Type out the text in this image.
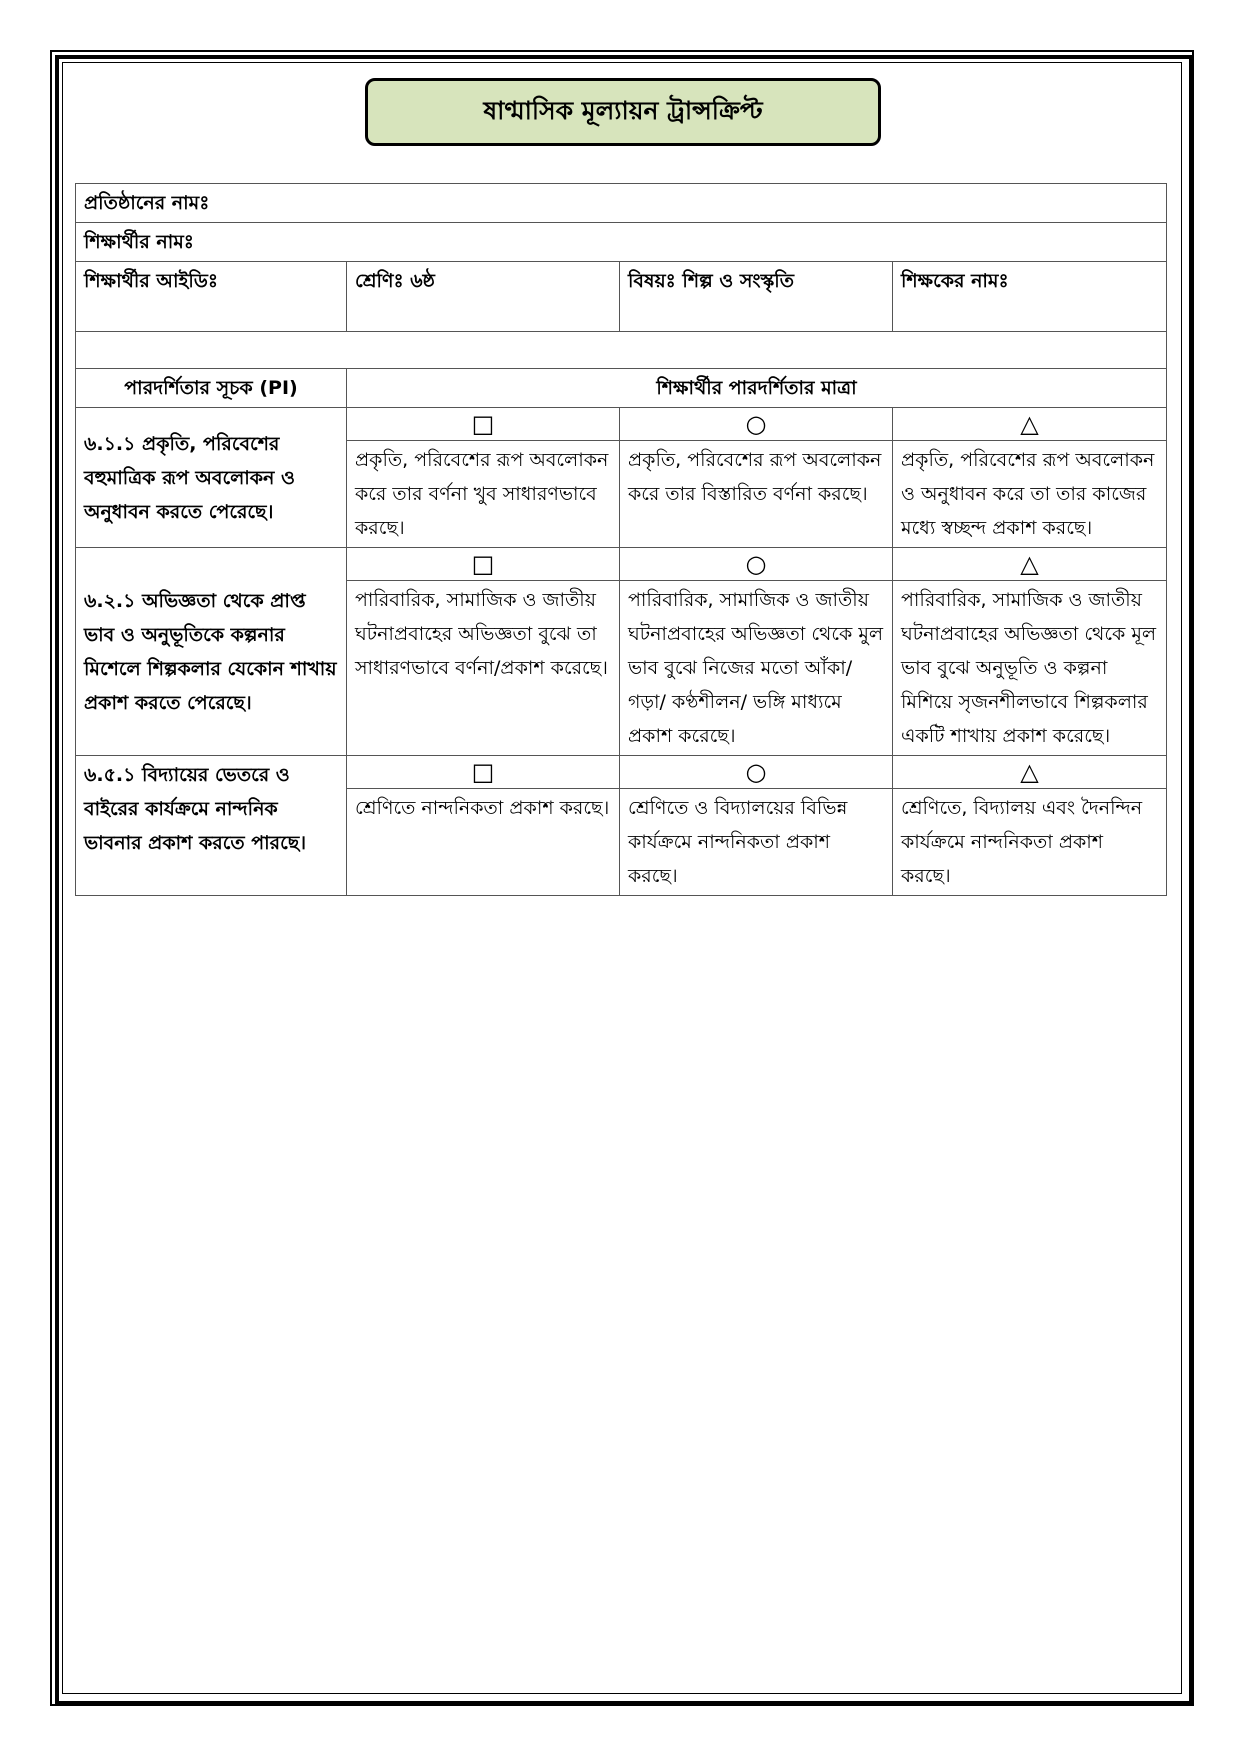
ষাণ্মাসিক মূল্যায়ন ট্রান্সক্রিপ্ট
প্রতিষ্ঠানের নামঃ			
শিক্ষার্থীর নামঃ			
শিক্ষার্থীর আইডিঃ	শ্রেণিঃ ৬ষ্ঠ	বিষয়ঃ শিল্প ও সংস্কৃতি	শিক্ষকের নামঃ

পারদর্শিতার সূচক (PI)	শিক্ষার্থীর পারদর্শিতার মাত্রা		
৬.১.১ প্রকৃতি, পরিবেশের বহুমাত্রিক রূপ অবলোকন ও অনুধাবন করতে পেরেছে।	□	○	△
	প্রকৃতি, পরিবেশের রূপ অবলোকন করে তার বর্ণনা খুব সাধারণভাবে করছে।	প্রকৃতি, পরিবেশের রূপ অবলোকন করে তার বিস্তারিত বর্ণনা করছে।	প্রকৃতি, পরিবেশের রূপ অবলোকন ও অনুধাবন করে তা তার কাজের মধ্যে স্বচ্ছন্দ প্রকাশ করছে।
৬.২.১ অভিজ্ঞতা থেকে প্রাপ্ত ভাব ও অনুভূতিকে কল্পনার মিশেলে শিল্পকলার যেকোন শাখায় প্রকাশ করতে পেরেছে।	□	○	△
	পারিবারিক, সামাজিক ও জাতীয় ঘটনাপ্রবাহের অভিজ্ঞতা বুঝে তা সাধারণভাবে বর্ণনা/প্রকাশ করেছে।	পারিবারিক, সামাজিক ও জাতীয় ঘটনাপ্রবাহের অভিজ্ঞতা থেকে মুল ভাব বুঝে নিজের মতো আঁকা/ গড়া/ কণ্ঠশীলন/ ভঙ্গি মাধ্যমে প্রকাশ করেছে।	পারিবারিক, সামাজিক ও জাতীয় ঘটনাপ্রবাহের অভিজ্ঞতা থেকে মূল ভাব বুঝে অনুভূতি ও কল্পনা মিশিয়ে সৃজনশীলভাবে শিল্পকলার একটি শাখায় প্রকাশ করেছে।
৬.৫.১ বিদ্যায়ের ভেতরে ও বাইরের কার্যক্রমে নান্দনিক ভাবনার প্রকাশ করতে পারছে।	□	○	△
	শ্রেণিতে নান্দনিকতা প্রকাশ করছে।	শ্রেণিতে ও বিদ্যালয়ের বিভিন্ন কার্যক্রমে নান্দনিকতা প্রকাশ করছে।	শ্রেণিতে, বিদ্যালয় এবং দৈনন্দিন কার্যক্রমে নান্দনিকতা প্রকাশ করছে।
